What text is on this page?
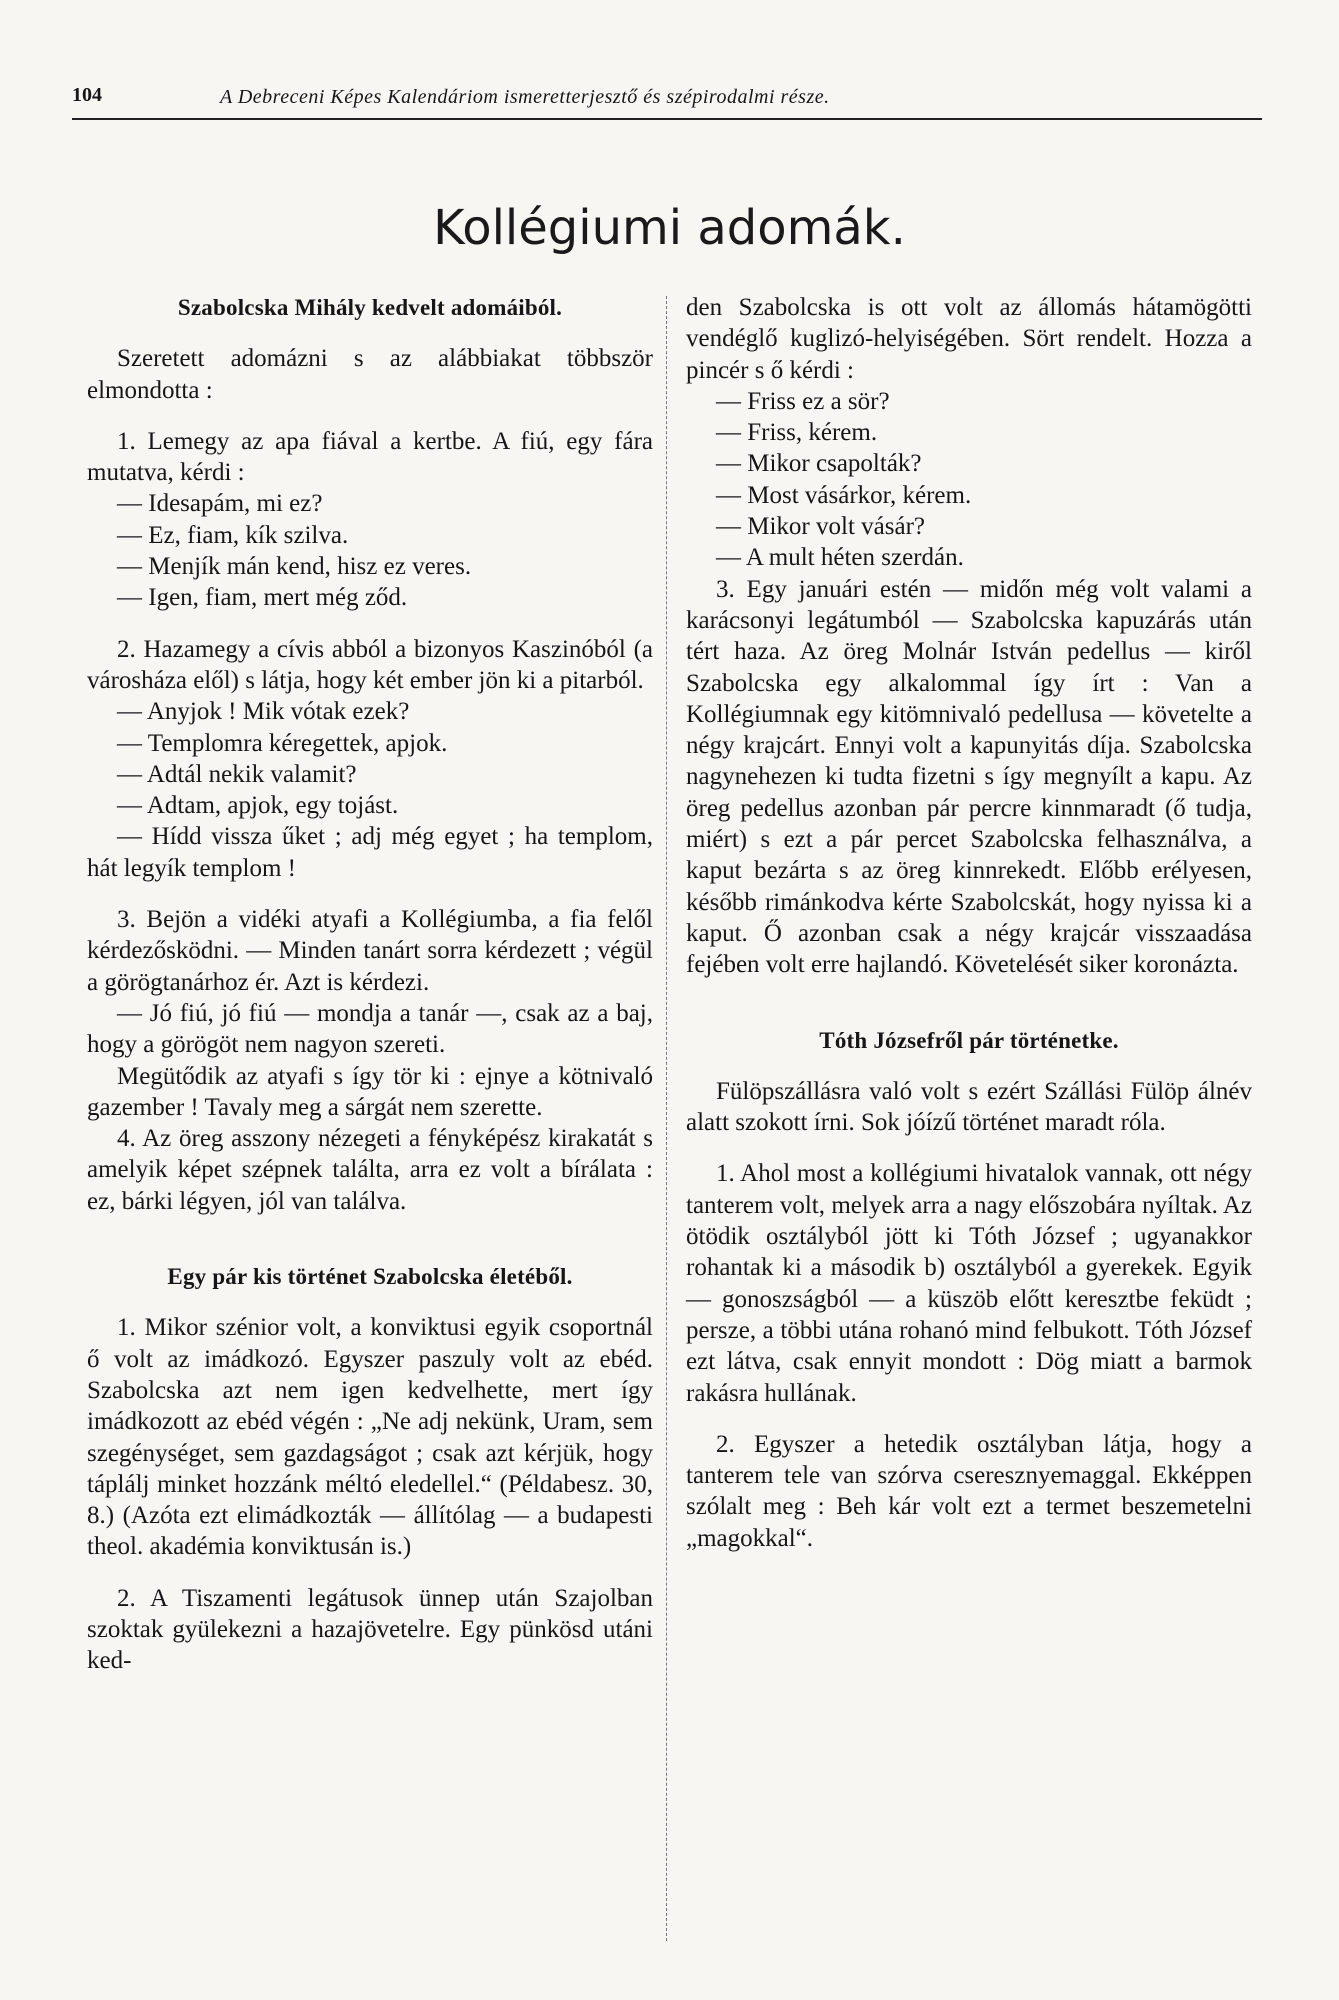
104	A Debreceni Képes Kalendáriom ismeretterjesztő és szépirodalmi része.
Kollégiumi adomák.
Szabolcska Mihály kedvelt adomáiból.

Szeretett adomázni s az alábbiakat többször elmondotta :

1. Lemegy az apa fiával a kertbe. A fiú, egy fára mutatva, kérdi :

— Idesapám, mi ez?

— Ez, fiam, kík szilva.

— Menjík mán kend, hisz ez veres.

— Igen, fiam, mert még ződ.

2. Hazamegy a cívis abból a bizonyos Kaszinóból (a városháza elől) s látja, hogy két ember jön ki a pitarból.

— Anyjok ! Mik vótak ezek?

— Templomra kéregettek, apjok.

— Adtál nekik valamit?

— Adtam, apjok, egy tojást.

— Hídd vissza űket ; adj még egyet ; ha templom, hát legyík templom !

3. Bejön a vidéki atyafi a Kollégiumba, a fia felől kérdezősködni. — Minden tanárt sorra kérdezett ; végül a görögtanárhoz ér. Azt is kérdezi.

— Jó fiú, jó fiú — mondja a tanár —, csak az a baj, hogy a görögöt nem nagyon szereti.

Megütődik az atyafi s így tör ki : ejnye a kötnivaló gazember ! Tavaly meg a sárgát nem szerette.

4. Az öreg asszony nézegeti a fényképész kirakatát s amelyik képet szépnek találta, arra ez volt a bírálata : ez, bárki légyen, jól van találva.

Egy pár kis történet Szabolcska életéből.

1. Mikor szénior volt, a konviktusi egyik csoportnál ő volt az imádkozó. Egyszer paszuly volt az ebéd. Szabolcska azt nem igen kedvelhette, mert így imádkozott az ebéd végén : „Ne adj nekünk, Uram, sem szegénységet, sem gazdagságot ; csak azt kérjük, hogy táplálj minket hozzánk méltó eledellel.“ (Példabesz. 30, 8.) (Azóta ezt elimádkozták — állítólag — a budapesti theol. akadémia konviktusán is.)

2. A Tiszamenti legátusok ünnep után Szajolban szoktak gyülekezni a hazajövetelre. Egy pünkösd utáni ked-

den Szabolcska is ott volt az állomás hátamögötti vendéglő kuglizó-helyiségében. Sört rendelt. Hozza a pincér s ő kérdi :

— Friss ez a sör?

— Friss, kérem.

— Mikor csapolták?

— Most vásárkor, kérem.

— Mikor volt vásár?

— A mult héten szerdán.

3. Egy januári estén — midőn még volt valami a karácsonyi legátumból — Szabolcska kapuzárás után tért haza. Az öreg Molnár István pedellus — kiről Szabolcska egy alkalommal így írt : Van a Kollégiumnak egy kitömnivaló pedellusa — követelte a négy krajcárt. Ennyi volt a kapunyitás díja. Szabolcska nagynehezen ki tudta fizetni s így megnyílt a kapu. Az öreg pedellus azonban pár percre kinnmaradt (ő tudja, miért) s ezt a pár percet Szabolcska felhasználva, a kaput bezárta s az öreg kinnrekedt. Előbb erélyesen, később rimánkodva kérte Szabolcskát, hogy nyissa ki a kaput. Ő azonban csak a négy krajcár visszaadása fejében volt erre hajlandó. Követelését siker koronázta.

Tóth Józsefről pár történetke.

Fülöpszállásra való volt s ezért Szállási Fülöp álnév alatt szokott írni. Sok jóízű történet maradt róla.

1. Ahol most a kollégiumi hivatalok vannak, ott négy tanterem volt, melyek arra a nagy előszobára nyíltak. Az ötödik osztályból jött ki Tóth József ; ugyanakkor rohantak ki a második b) osztályból a gyerekek. Egyik — gonoszságból — a küszöb előtt keresztbe feküdt ; persze, a többi utána rohanó mind felbukott. Tóth József ezt látva, csak ennyit mondott : Dög miatt a barmok rakásra hullának.

2. Egyszer a hetedik osztályban látja, hogy a tanterem tele van szórva cseresznyemaggal. Ekképpen szólalt meg : Beh kár volt ezt a termet beszemetelni „magokkal“.
